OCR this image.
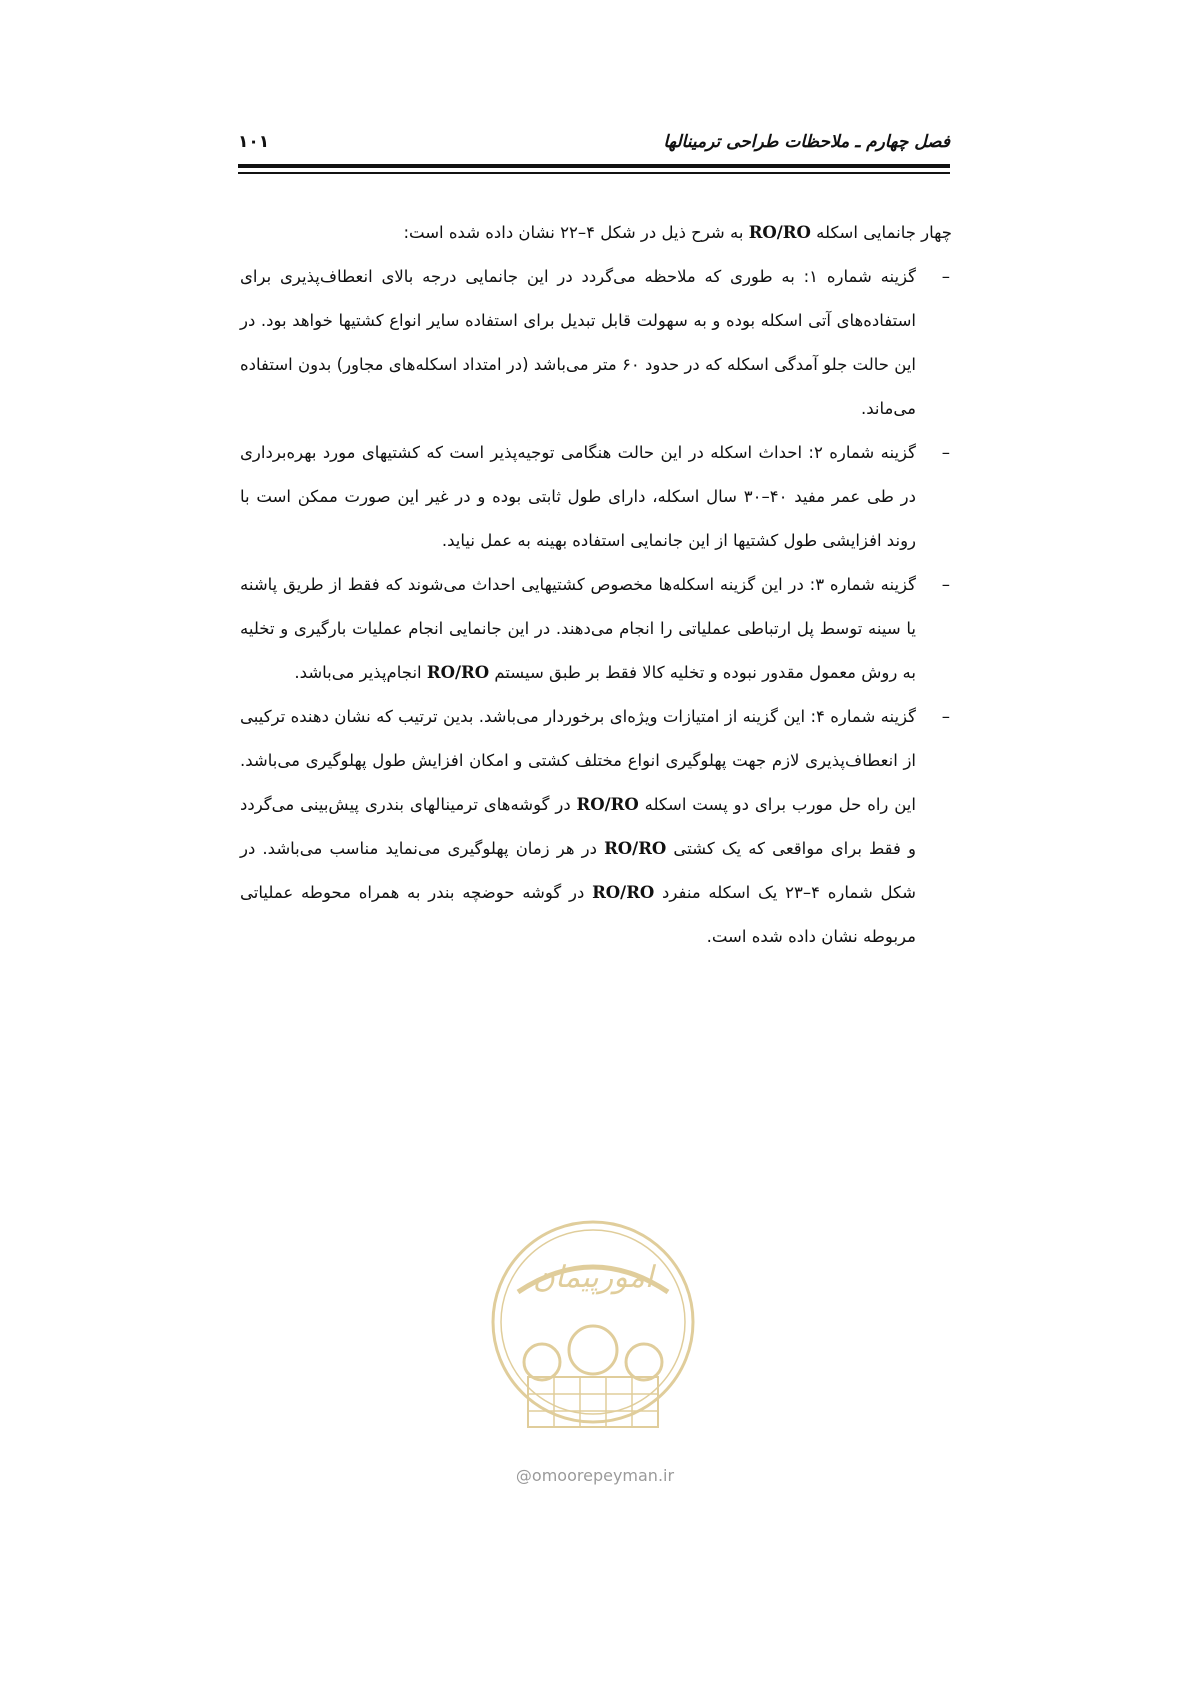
فصل چهارم ـ ملاحظات طراحی ترمینالها
۱۰۱

چهار جانمایی اسکله RO/RO به شرح ذیل در شکل ۴–۲۲ نشان داده شده است:

–
گزینه شماره ۱: به طوری که ملاحظه می‌گردد در این جانمایی درجه بالای انعطاف‌پذیری برای استفاده‌های آتی اسکله بوده و به سهولت قابل تبدیل برای استفاده سایر انواع کشتیها خواهد بود. در این حالت جلو آمدگی اسکله که در حدود ۶۰ متر می‌باشد (در امتداد اسکله‌های مجاور) بدون استفاده می‌ماند.
–
گزینه شماره ۲: احداث اسکله در این حالت هنگامی توجیه‌پذیر است که کشتیهای مورد بهره‌برداری در طی عمر مفید ۴۰–۳۰ سال اسکله، دارای طول ثابتی بوده و در غیر این صورت ممکن است با روند افزایشی طول کشتیها از این جانمایی استفاده بهینه به عمل نیاید.
–
گزینه شماره ۳: در این گزینه اسکله‌ها مخصوص کشتیهایی احداث می‌شوند که فقط از طریق پاشنه یا سینه توسط پل ارتباطی عملیاتی را انجام می‌دهند. در این جانمایی انجام عملیات بارگیری و تخلیه به روش معمول مقدور نبوده و تخلیه کالا فقط بر طبق سیستم RO/RO انجام‌پذیر می‌باشد.
–
گزینه شماره ۴: این گزینه از امتیازات ویژه‌ای برخوردار می‌باشد. بدین ترتیب که نشان دهنده ترکیبی از انعطاف‌پذیری لازم جهت پهلوگیری انواع مختلف کشتی و امکان افزایش طول پهلوگیری می‌باشد. این راه حل مورب برای دو پست اسکله RO/RO در گوشه‌های ترمینالهای بندری پیش‌بینی می‌گردد و فقط برای مواقعی که یک کشتی RO/RO در هر زمان پهلوگیری می‌نماید مناسب می‌باشد. در شکل شماره ۴–۲۳ یک اسکله منفرد RO/RO در گوشه حوضچه بندر به همراه محوطه عملیاتی مربوطه نشان داده شده است.
امورپیمان
@omoorepeyman.ir
